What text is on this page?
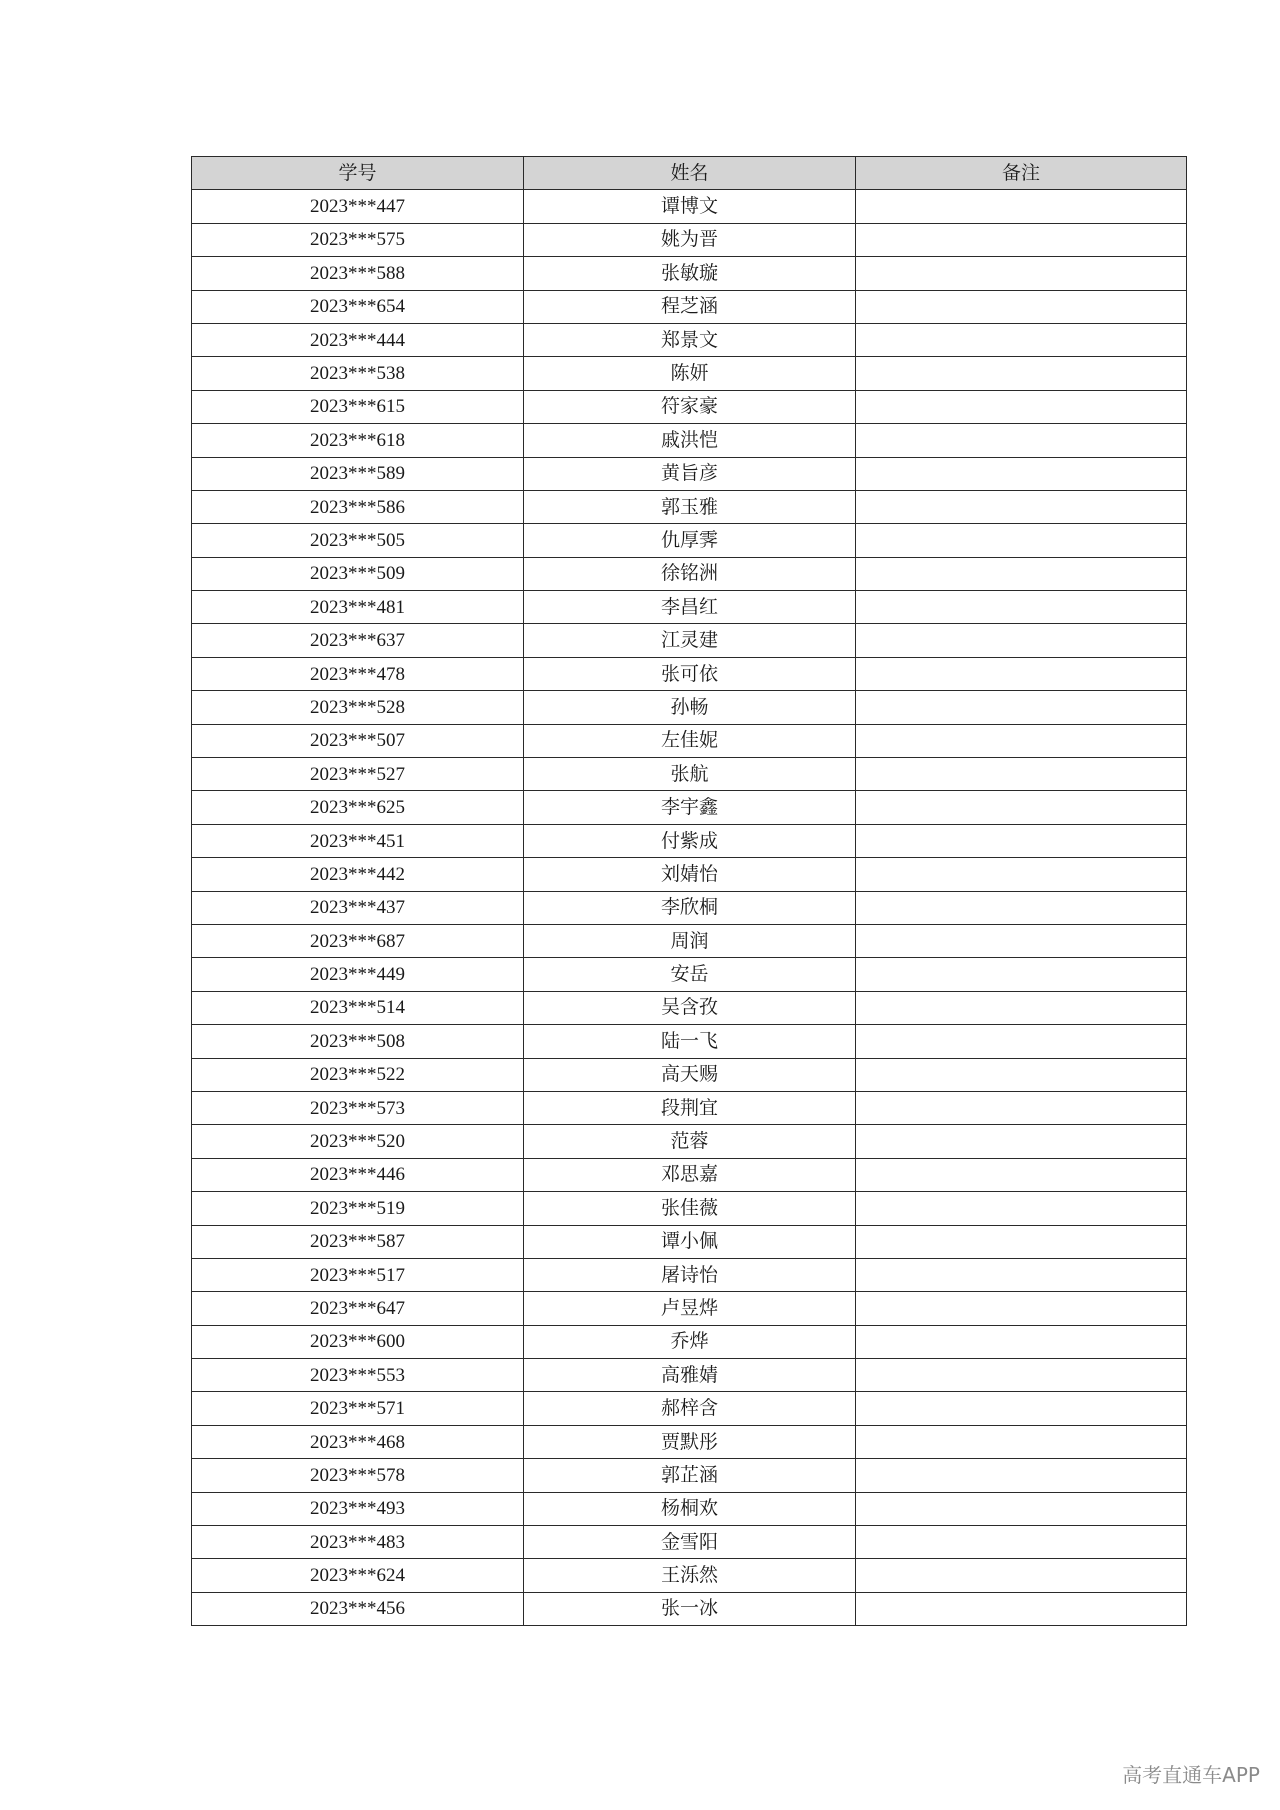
学号	姓名	备注
2023***447	谭博文	
2023***575	姚为晋	
2023***588	张敏璇	
2023***654	程芝涵	
2023***444	郑景文	
2023***538	陈妍	
2023***615	符家豪	
2023***618	戚洪恺	
2023***589	黄旨彦	
2023***586	郭玉雅	
2023***505	仇厚霁	
2023***509	徐铭洲	
2023***481	李昌红	
2023***637	江灵建	
2023***478	张可依	
2023***528	孙畅	
2023***507	左佳妮	
2023***527	张航	
2023***625	李宇鑫	
2023***451	付紫成	
2023***442	刘婧怡	
2023***437	李欣桐	
2023***687	周润	
2023***449	安岳	
2023***514	吴含孜	
2023***508	陆一飞	
2023***522	高天赐	
2023***573	段荆宜	
2023***520	范蓉	
2023***446	邓思嘉	
2023***519	张佳薇	
2023***587	谭小佩	
2023***517	屠诗怡	
2023***647	卢昱烨	
2023***600	乔烨	
2023***553	高雅婧	
2023***571	郝梓含	
2023***468	贾默彤	
2023***578	郭芷涵	
2023***493	杨桐欢	
2023***483	金雪阳	
2023***624	王泺然	
2023***456	张一冰	
高考直通车APP
